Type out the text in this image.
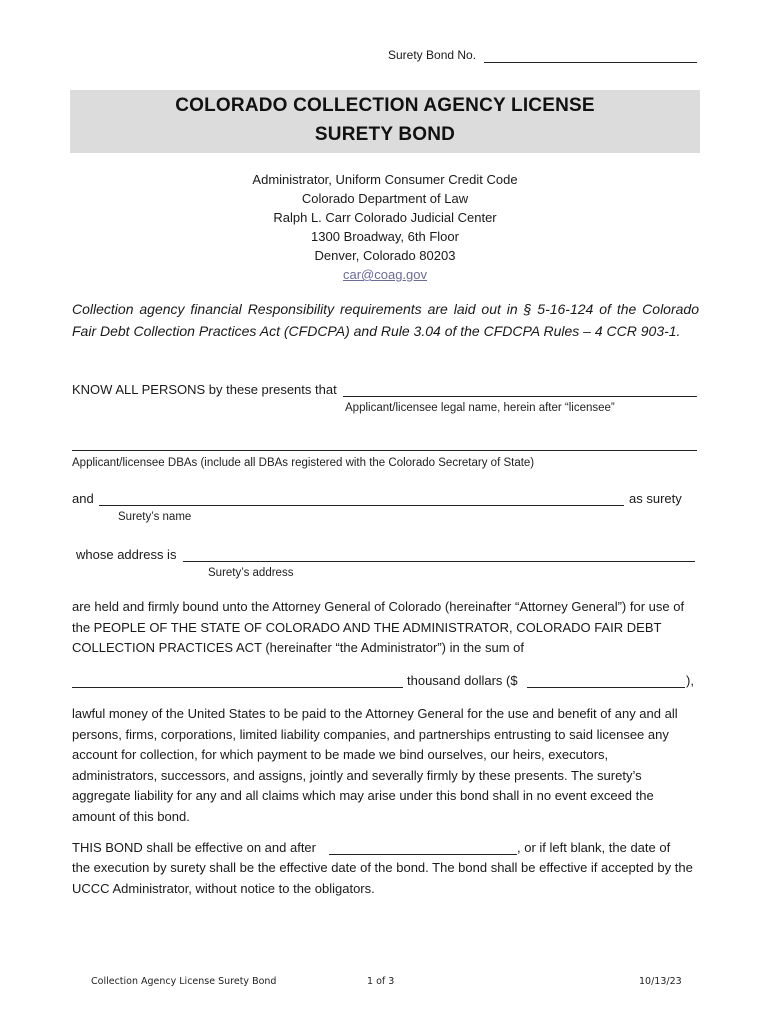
Surety Bond No.
COLORADO COLLECTION AGENCY LICENSE
SURETY BOND
Administrator, Uniform Consumer Credit Code
Colorado Department of Law
Ralph L. Carr Colorado Judicial Center
1300 Broadway, 6th Floor
Denver, Colorado 80203
car@coag.gov
Collection agency financial Responsibility requirements are laid out in § 5-16-124 of the Colorado Fair Debt Collection Practices Act (CFDCPA) and Rule 3.04 of the CFDCPA Rules – 4 CCR 903-1.
KNOW ALL PERSONS by these presents that
Applicant/licensee legal name, herein after “licensee”
Applicant/licensee DBAs (include all DBAs registered with the Colorado Secretary of State)
and	as surety
Surety’s name
whose address is
Surety’s address
are held and firmly bound unto the Attorney General of Colorado (hereinafter “Attorney General”) for use of the PEOPLE OF THE STATE OF COLORADO AND THE ADMINISTRATOR, COLORADO FAIR DEBT COLLECTION PRACTICES ACT (hereinafter “the Administrator”) in the sum of
thousand dollars ($	),
lawful money of the United States to be paid to the Attorney General for the use and benefit of any and all persons, firms, corporations, limited liability companies, and partnerships entrusting to said licensee any account for collection, for which payment to be made we bind ourselves, our heirs, executors, administrators, successors, and assigns, jointly and severally firmly by these presents. The surety’s aggregate liability for any and all claims which may arise under this bond shall in no event exceed the amount of this bond.
THIS BOND shall be effective on and after	, or if left blank, the date of
the execution by surety shall be the effective date of the bond. The bond shall be effective if accepted by the UCCC Administrator, without notice to the obligators.
Collection Agency License Surety Bond	1 of 3	10/13/23
